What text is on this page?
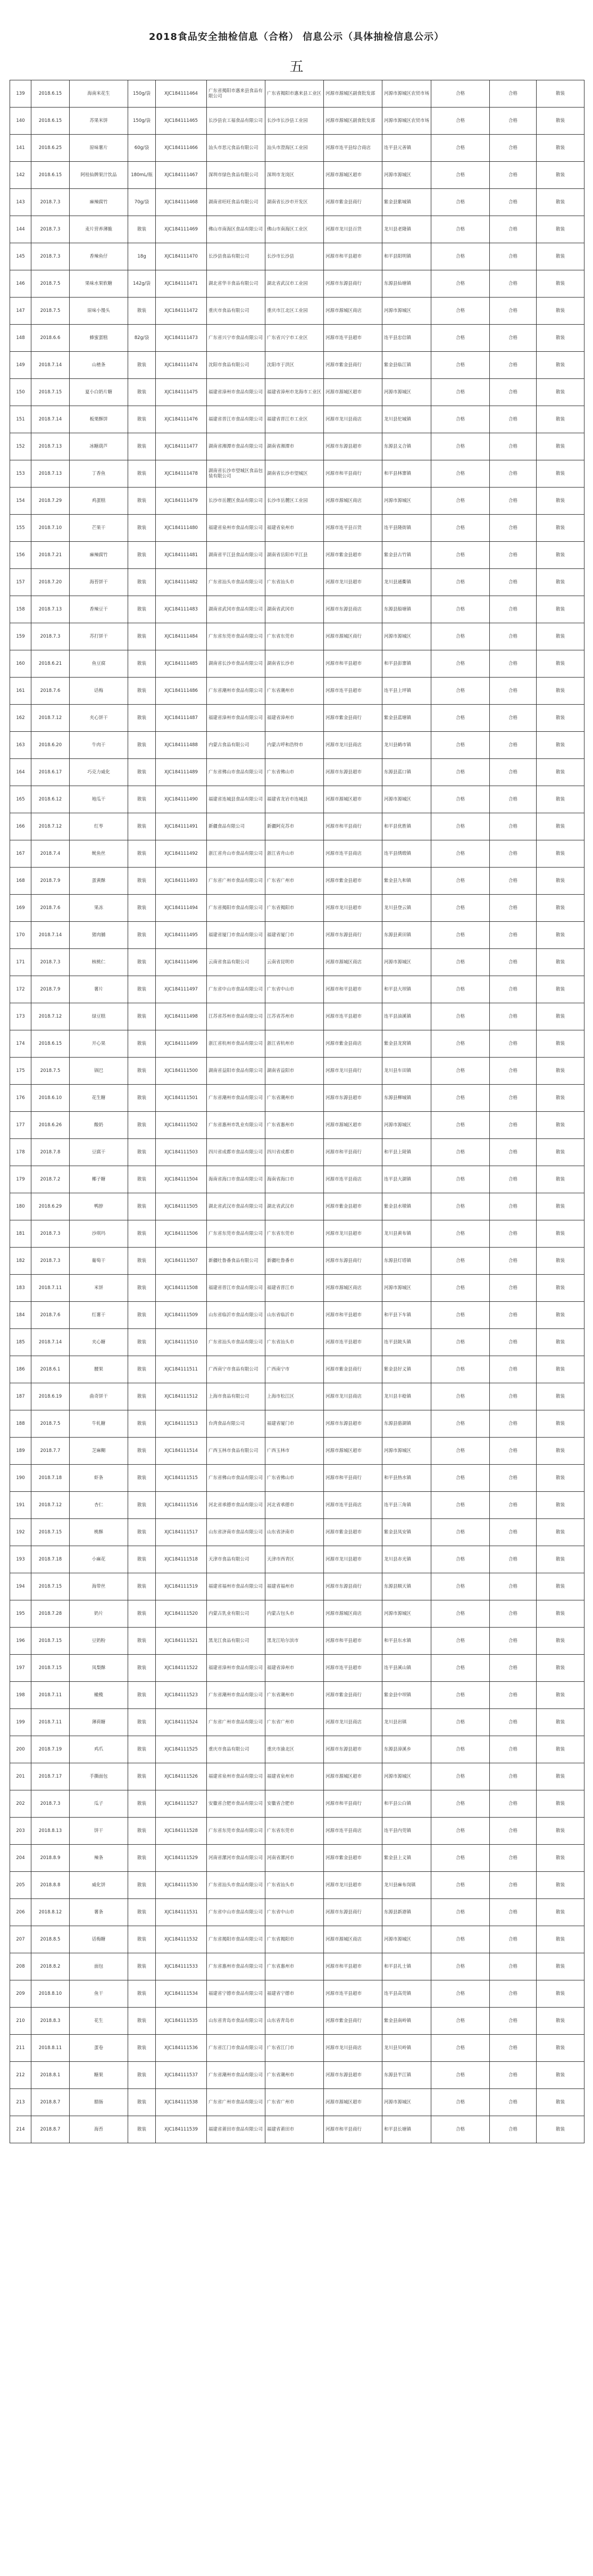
2018食品安全抽检信息（合格） 信息公示（具体抽检信息公示）
五
139	2018.6.15	海南米花生	150g/袋	XJC184111464	广东省揭阳市惠来县食品有限公司	广东省揭阳市惠来县工业区	河源市源城区副食批发部	河源市源城区农贸市场	合格	合格	散装
140	2018.6.15	苏果米饼	150g/袋	XJC184111465	长沙县农工福食品有限公司	长沙市长沙县工业园	河源市源城区副食批发部	河源市源城区农贸市场	合格	合格	散装
141	2018.6.25	原味薯片	60g/袋	XJC184111466	汕头市思元食品有限公司	汕头市澄海区工业园	河源市连平县综合商店	连平县元善镇	合格	合格	散装
142	2018.6.15	阿桂仙牌果汁饮品	180mL/瓶	XJC184111467	深圳市绿色食品有限公司	深圳市龙岗区	河源市源城区超市	河源市源城区	合格	合格	散装
143	2018.7.3	麻辣腐竹	70g/袋	XJC184111468	湖南省旺旺食品有限公司	湖南省长沙市开发区	河源市紫金县商行	紫金县紫城镇	合格	合格	散装
144	2018.7.3	麦片营养薄脆	散装	XJC184111469	佛山市南海区食品有限公司	佛山市南海区工业区	河源市龙川县百货	龙川县老隆镇	合格	合格	散装
145	2018.7.3	香辣鱼仔	18g	XJC184111470	长沙县食品有限公司	长沙市长沙县	河源市和平县超市	和平县阳明镇	合格	合格	散装
146	2018.7.5	果味水果软糖	142g/袋	XJC184111471	湖北省华丰食品有限公司	湖北省武汉市工业园	河源市东源县商行	东源县仙塘镇	合格	合格	散装
147	2018.7.5	原味小馒头	散装	XJC184111472	重庆市食品有限公司	重庆市江北区工业园	河源市源城区商店	河源市源城区	合格	合格	散装
148	2018.6.6	蜂蜜蛋糕	82g/袋	XJC184111473	广东省兴宁市食品有限公司	广东省兴宁市工业区	河源市连平县超市	连平县忠信镇	合格	合格	散装
149	2018.7.14	山楂条	散装	XJC184111474	沈阳市食品有限公司	沈阳市于洪区	河源市紫金县商行	紫金县临江镇	合格	合格	散装
150	2018.7.15	夏小白奶片糖	散装	XJC184111475	福建省漳州市食品有限公司	福建省漳州市龙海市工业区	河源市源城区超市	河源市源城区	合格	合格	散装
151	2018.7.14	板栗酥饼	散装	XJC184111476	福建省晋江市食品有限公司	福建省晋江市工业区	河源市龙川县商店	龙川县佗城镇	合格	合格	散装
152	2018.7.13	冰糖葫芦	散装	XJC184111477	湖南省湘潭市食品有限公司	湖南省湘潭市	河源市东源县超市	东源县义合镇	合格	合格	散装
153	2018.7.13	丁香鱼	散装	XJC184111478	湖南省长沙市望城区食品包装有限公司	湖南省长沙市望城区	河源市和平县商行	和平县林寨镇	合格	合格	散装
154	2018.7.29	鸡蛋糕	散装	XJC184111479	长沙市岳麓区食品有限公司	长沙市岳麓区工业园	河源市源城区商店	河源市源城区	合格	合格	散装
155	2018.7.10	芒果干	散装	XJC184111480	福建省泉州市食品有限公司	福建省泉州市	河源市连平县百货	连平县隆街镇	合格	合格	散装
156	2018.7.21	麻辣腐竹	散装	XJC184111481	湖南省平江县食品有限公司	湖南省岳阳市平江县	河源市紫金县超市	紫金县古竹镇	合格	合格	散装
157	2018.7.20	海苔饼干	散装	XJC184111482	广东省汕头市食品有限公司	广东省汕头市	河源市龙川县超市	龙川县通衢镇	合格	合格	散装
158	2018.7.13	香辣豆干	散装	XJC184111483	湖南省武冈市食品有限公司	湖南省武冈市	河源市东源县商店	东源县船塘镇	合格	合格	散装
159	2018.7.3	苏打饼干	散装	XJC184111484	广东省东莞市食品有限公司	广东省东莞市	河源市源城区商行	河源市源城区	合格	合格	散装
160	2018.6.21	鱼豆腐	散装	XJC184111485	湖南省长沙市食品有限公司	湖南省长沙市	河源市和平县超市	和平县彭寨镇	合格	合格	散装
161	2018.7.6	话梅	散装	XJC184111486	广东省潮州市食品有限公司	广东省潮州市	河源市连平县超市	连平县上坪镇	合格	合格	散装
162	2018.7.12	夹心饼干	散装	XJC184111487	福建省漳州市食品有限公司	福建省漳州市	河源市紫金县商行	紫金县蓝塘镇	合格	合格	散装
163	2018.6.20	牛肉干	散装	XJC184111488	内蒙古食品有限公司	内蒙古呼和浩特市	河源市龙川县商店	龙川县鹤市镇	合格	合格	散装
164	2018.6.17	巧克力威化	散装	XJC184111489	广东省佛山市食品有限公司	广东省佛山市	河源市东源县超市	东源县蓝口镇	合格	合格	散装
165	2018.6.12	地瓜干	散装	XJC184111490	福建省连城县食品有限公司	福建省龙岩市连城县	河源市源城区超市	河源市源城区	合格	合格	散装
166	2018.7.12	红枣	散装	XJC184111491	新疆食品有限公司	新疆阿克苏市	河源市和平县商行	和平县优胜镇	合格	合格	散装
167	2018.7.4	鱿鱼丝	散装	XJC184111492	浙江省舟山市食品有限公司	浙江省舟山市	河源市连平县商店	连平县绣缎镇	合格	合格	散装
168	2018.7.9	蛋黄酥	散装	XJC184111493	广东省广州市食品有限公司	广东省广州市	河源市紫金县超市	紫金县九和镇	合格	合格	散装
169	2018.7.6	果冻	散装	XJC184111494	广东省揭阳市食品有限公司	广东省揭阳市	河源市龙川县超市	龙川县登云镇	合格	合格	散装
170	2018.7.14	猪肉脯	散装	XJC184111495	福建省厦门市食品有限公司	福建省厦门市	河源市东源县商行	东源县黄田镇	合格	合格	散装
171	2018.7.3	核桃仁	散装	XJC184111496	云南省食品有限公司	云南省昆明市	河源市源城区商店	河源市源城区	合格	合格	散装
172	2018.7.9	薯片	散装	XJC184111497	广东省中山市食品有限公司	广东省中山市	河源市和平县超市	和平县大坝镇	合格	合格	散装
173	2018.7.12	绿豆糕	散装	XJC184111498	江苏省苏州市食品有限公司	江苏省苏州市	河源市连平县超市	连平县油溪镇	合格	合格	散装
174	2018.6.15	开心果	散装	XJC184111499	浙江省杭州市食品有限公司	浙江省杭州市	河源市紫金县商店	紫金县龙窝镇	合格	合格	散装
175	2018.7.5	锅巴	散装	XJC184111500	湖南省益阳市食品有限公司	湖南省益阳市	河源市龙川县商行	龙川县车田镇	合格	合格	散装
176	2018.6.10	花生糖	散装	XJC184111501	广东省潮州市食品有限公司	广东省潮州市	河源市东源县超市	东源县柳城镇	合格	合格	散装
177	2018.6.26	酸奶	散装	XJC184111502	广东省惠州市乳业有限公司	广东省惠州市	河源市源城区超市	河源市源城区	合格	合格	散装
178	2018.7.8	豆腐干	散装	XJC184111503	四川省成都市食品有限公司	四川省成都市	河源市和平县商行	和平县上陵镇	合格	合格	散装
179	2018.7.2	椰子糖	散装	XJC184111504	海南省海口市食品有限公司	海南省海口市	河源市连平县商店	连平县大湖镇	合格	合格	散装
180	2018.6.29	鸭脖	散装	XJC184111505	湖北省武汉市食品有限公司	湖北省武汉市	河源市紫金县超市	紫金县水墩镇	合格	合格	散装
181	2018.7.3	沙琪玛	散装	XJC184111506	广东省东莞市食品有限公司	广东省东莞市	河源市龙川县超市	龙川县黄布镇	合格	合格	散装
182	2018.7.3	葡萄干	散装	XJC184111507	新疆吐鲁番食品有限公司	新疆吐鲁番市	河源市东源县商行	东源县灯塔镇	合格	合格	散装
183	2018.7.11	米饼	散装	XJC184111508	福建省晋江市食品有限公司	福建省晋江市	河源市源城区商店	河源市源城区	合格	合格	散装
184	2018.7.6	红薯干	散装	XJC184111509	山东省临沂市食品有限公司	山东省临沂市	河源市和平县超市	和平县下车镇	合格	合格	散装
185	2018.7.14	夹心糖	散装	XJC184111510	广东省汕头市食品有限公司	广东省汕头市	河源市连平县超市	连平县陂头镇	合格	合格	散装
186	2018.6.1	腰果	散装	XJC184111511	广西南宁市食品有限公司	广西南宁市	河源市紫金县商行	紫金县好义镇	合格	合格	散装
187	2018.6.19	曲奇饼干	散装	XJC184111512	上海市食品有限公司	上海市松江区	河源市龙川县商店	龙川县丰稔镇	合格	合格	散装
188	2018.7.5	牛轧糖	散装	XJC184111513	台湾食品有限公司	福建省厦门市	河源市东源县超市	东源县骆湖镇	合格	合格	散装
189	2018.7.7	芝麻糊	散装	XJC184111514	广西玉林市食品有限公司	广西玉林市	河源市源城区超市	河源市源城区	合格	合格	散装
190	2018.7.18	虾条	散装	XJC184111515	广东省佛山市食品有限公司	广东省佛山市	河源市和平县商行	和平县热水镇	合格	合格	散装
191	2018.7.12	杏仁	散装	XJC184111516	河北省承德市食品有限公司	河北省承德市	河源市连平县商店	连平县三角镇	合格	合格	散装
192	2018.7.15	桃酥	散装	XJC184111517	山东省济南市食品有限公司	山东省济南市	河源市紫金县超市	紫金县凤安镇	合格	合格	散装
193	2018.7.18	小麻花	散装	XJC184111518	天津市食品有限公司	天津市西青区	河源市龙川县超市	龙川县赤光镇	合格	合格	散装
194	2018.7.15	海带丝	散装	XJC184111519	福建省福州市食品有限公司	福建省福州市	河源市东源县商行	东源县顺天镇	合格	合格	散装
195	2018.7.28	奶片	散装	XJC184111520	内蒙古乳业有限公司	内蒙古包头市	河源市源城区商店	河源市源城区	合格	合格	散装
196	2018.7.15	豆奶粉	散装	XJC184111521	黑龙江食品有限公司	黑龙江哈尔滨市	河源市和平县超市	和平县东水镇	合格	合格	散装
197	2018.7.15	凤梨酥	散装	XJC184111522	福建省漳州市食品有限公司	福建省漳州市	河源市连平县超市	连平县溪山镇	合格	合格	散装
198	2018.7.11	橄榄	散装	XJC184111523	广东省潮州市食品有限公司	广东省潮州市	河源市紫金县商行	紫金县中坝镇	合格	合格	散装
199	2018.7.11	薄荷糖	散装	XJC184111524	广东省广州市食品有限公司	广东省广州市	河源市龙川县商店	龙川县岩镇	合格	合格	散装
200	2018.7.19	鸡爪	散装	XJC184111525	重庆市食品有限公司	重庆市渝北区	河源市东源县超市	东源县漳溪乡	合格	合格	散装
201	2018.7.17	手撕面包	散装	XJC184111526	福建省泉州市食品有限公司	福建省泉州市	河源市源城区超市	河源市源城区	合格	合格	散装
202	2018.7.3	瓜子	散装	XJC184111527	安徽省合肥市食品有限公司	安徽省合肥市	河源市和平县商行	和平县公白镇	合格	合格	散装
203	2018.8.13	饼干	散装	XJC184111528	广东省东莞市食品有限公司	广东省东莞市	河源市连平县商店	连平县内莞镇	合格	合格	散装
204	2018.8.9	辣条	散装	XJC184111529	河南省漯河市食品有限公司	河南省漯河市	河源市紫金县超市	紫金县上义镇	合格	合格	散装
205	2018.8.8	威化饼	散装	XJC184111530	广东省汕头市食品有限公司	广东省汕头市	河源市龙川县超市	龙川县麻布岗镇	合格	合格	散装
206	2018.8.12	薯条	散装	XJC184111531	广东省中山市食品有限公司	广东省中山市	河源市东源县商行	东源县新港镇	合格	合格	散装
207	2018.8.5	话梅糖	散装	XJC184111532	广东省揭阳市食品有限公司	广东省揭阳市	河源市源城区商店	河源市源城区	合格	合格	散装
208	2018.8.2	面包	散装	XJC184111533	广东省惠州市食品有限公司	广东省惠州市	河源市和平县超市	和平县礼士镇	合格	合格	散装
209	2018.8.10	鱼干	散装	XJC184111534	福建省宁德市食品有限公司	福建省宁德市	河源市连平县超市	连平县高莞镇	合格	合格	散装
210	2018.8.3	花生	散装	XJC184111535	山东省青岛市食品有限公司	山东省青岛市	河源市紫金县商行	紫金县南岭镇	合格	合格	散装
211	2018.8.11	蛋卷	散装	XJC184111536	广东省江门市食品有限公司	广东省江门市	河源市龙川县商店	龙川县贝岭镇	合格	合格	散装
212	2018.8.1	糖果	散装	XJC184111537	广东省潮州市食品有限公司	广东省潮州市	河源市东源县超市	东源县半江镇	合格	合格	散装
213	2018.8.7	腊肠	散装	XJC184111538	广东省广州市食品有限公司	广东省广州市	河源市源城区超市	河源市源城区	合格	合格	散装
214	2018.8.7	海苔	散装	XJC184111539	福建省莆田市食品有限公司	福建省莆田市	河源市和平县商行	和平县长塘镇	合格	合格	散装
